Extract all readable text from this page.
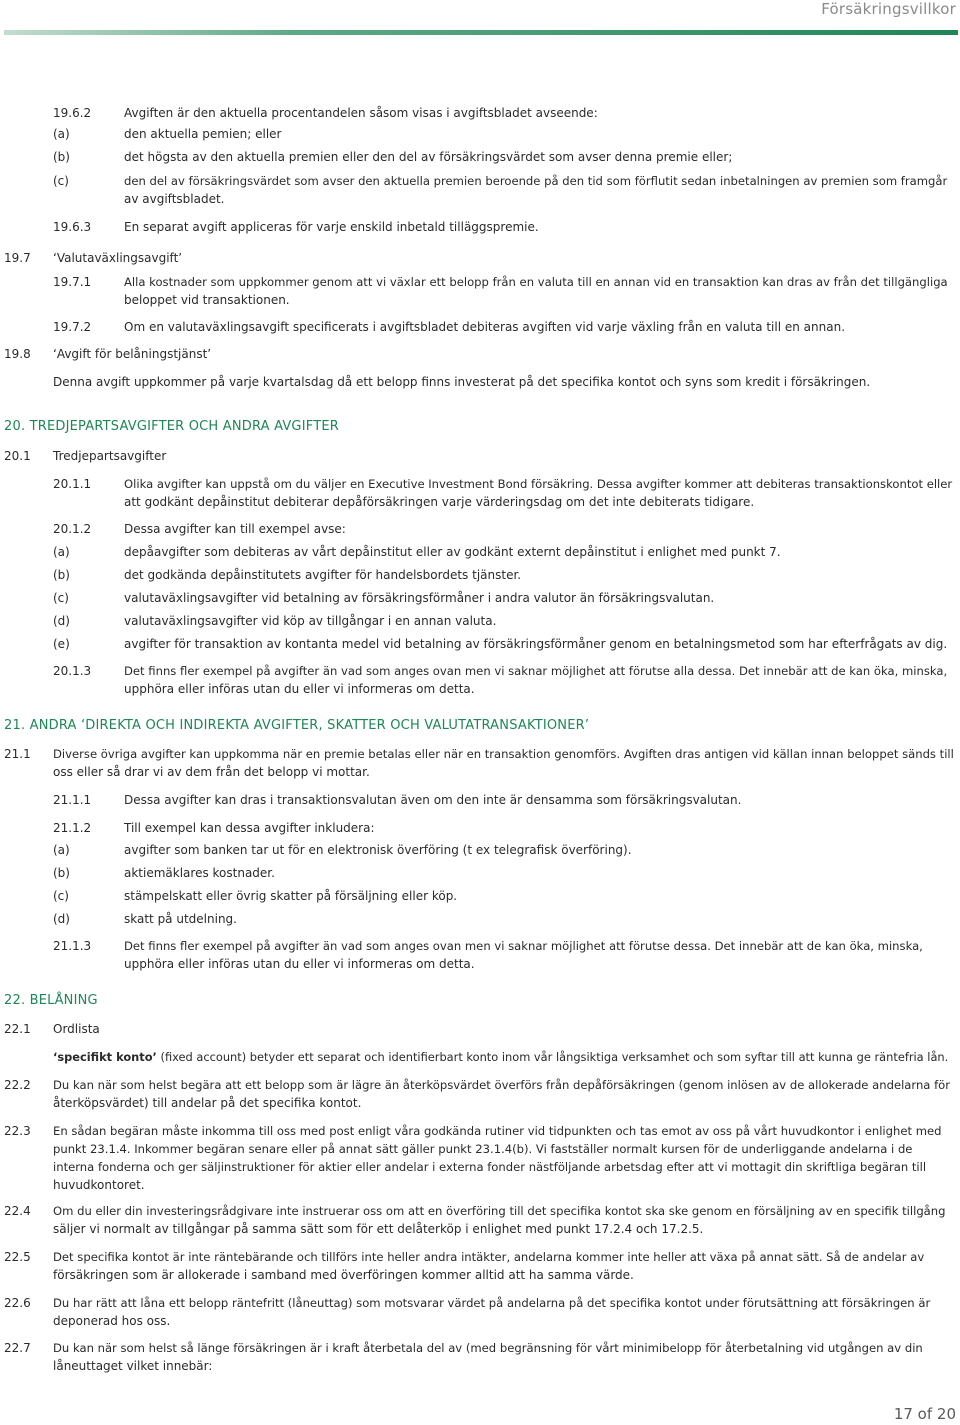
Försäkringsvillkor
19.6.2	Avgiften är den aktuella procentandelen såsom visas i avgiftsbladet avseende:
(a)	den aktuella pemien; eller
(b)	det högsta av den aktuella premien eller den del av försäkringsvärdet som avser denna premie eller;
(c)	den del av försäkringsvärdet som avser den aktuella premien beroende på den tid som förflutit sedan inbetalningen av premien som framgår
av avgiftsbladet.
19.6.3	En separat avgift appliceras för varje enskild inbetald tilläggspremie.
19.7 ‘Valutaväxlingsavgift’
19.7.1	Alla kostnader som uppkommer genom att vi växlar ett belopp från en valuta till en annan vid en transaktion kan dras av från det tillgängliga
beloppet vid transaktionen.
19.7.2	Om en valutaväxlingsavgift specificerats i avgiftsbladet debiteras avgiften vid varje växling från en valuta till en annan.
19.8 ‘Avgift för belåningstjänst’
Denna avgift uppkommer på varje kvartalsdag då ett belopp finns investerat på det specifika kontot och syns som kredit i försäkringen.
20. TREDJEPARTSAVGIFTER OCH ANDRA AVGIFTER
20.1 Tredjepartsavgifter
20.1.1	Olika avgifter kan uppstå om du väljer en Executive Investment Bond försäkring. Dessa avgifter kommer att debiteras transaktionskontot eller
att godkänt depåinstitut debiterar depåförsäkringen varje värderingsdag om det inte debiterats tidigare.
20.1.2	Dessa avgifter kan till exempel avse:
(a)	depåavgifter som debiteras av vårt depåinstitut eller av godkänt externt depåinstitut i enlighet med punkt 7.
(b)	det godkända depåinstitutets avgifter för handelsbordets tjänster.
(c)	valutaväxlingsavgifter vid betalning av försäkringsförmåner i andra valutor än försäkringsvalutan.
(d)	valutaväxlingsavgifter vid köp av tillgångar i en annan valuta.
(e)	avgifter för transaktion av kontanta medel vid betalning av försäkringsförmåner genom en betalningsmetod som har efterfrågats av dig.
20.1.3	Det finns fler exempel på avgifter än vad som anges ovan men vi saknar möjlighet att förutse alla dessa. Det innebär att de kan öka, minska,
upphöra eller införas utan du eller vi informeras om detta.
21. ANDRA ‘DIREKTA OCH INDIREKTA AVGIFTER, SKATTER OCH VALUTATRANSAKTIONER’
21.1 Diverse övriga avgifter kan uppkomma när en premie betalas eller när en transaktion genomförs. Avgiften dras antigen vid källan innan beloppet sänds till
oss eller så drar vi av dem från det belopp vi mottar.
21.1.1	Dessa avgifter kan dras i transaktionsvalutan även om den inte är densamma som försäkringsvalutan.
21.1.2	Till exempel kan dessa avgifter inkludera:
(a)	avgifter som banken tar ut för en elektronisk överföring (t ex telegrafisk överföring).
(b)	aktiemäklares kostnader.
(c)	stämpelskatt eller övrig skatter på försäljning eller köp.
(d)	skatt på utdelning.
21.1.3	Det finns fler exempel på avgifter än vad som anges ovan men vi saknar möjlighet att förutse dessa. Det innebär att de kan öka, minska,
upphöra eller införas utan du eller vi informeras om detta.
22. BELÅNING
22.1 Ordlista
‘specifikt konto’ (fixed account) betyder ett separat och identifierbart konto inom vår långsiktiga verksamhet och som syftar till att kunna ge räntefria lån.
22.2 Du kan när som helst begära att ett belopp som är lägre än återköpsvärdet överförs från depåförsäkringen (genom inlösen av de allokerade andelarna för
återköpsvärdet) till andelar på det specifika kontot.
22.3 En sådan begäran måste inkomma till oss med post enligt våra godkända rutiner vid tidpunkten och tas emot av oss på vårt huvudkontor i enlighet med
punkt 23.1.4. Inkommer begäran senare eller på annat sätt gäller punkt 23.1.4(b). Vi fastställer normalt kursen för de underliggande andelarna i de
interna fonderna och ger säljinstruktioner för aktier eller andelar i externa fonder nästföljande arbetsdag efter att vi mottagit din skriftliga begäran till
huvudkontoret.
22.4 Om du eller din investeringsrådgivare inte instruerar oss om att en överföring till det specifika kontot ska ske genom en försäljning av en specifik tillgång
säljer vi normalt av tillgångar på samma sätt som för ett delåterköp i enlighet med punkt 17.2.4 och 17.2.5.
22.5 Det specifika kontot är inte räntebärande och tillförs inte heller andra intäkter, andelarna kommer inte heller att växa på annat sätt. Så de andelar av
försäkringen som är allokerade i samband med överföringen kommer alltid att ha samma värde.
22.6 Du har rätt att låna ett belopp räntefritt (låneuttag) som motsvarar värdet på andelarna på det specifika kontot under förutsättning att försäkringen är
deponerad hos oss.
22.7 Du kan när som helst så länge försäkringen är i kraft återbetala del av (med begränsning för vårt minimibelopp för återbetalning vid utgången av din
låneuttaget vilket innebär:
17 of 20
